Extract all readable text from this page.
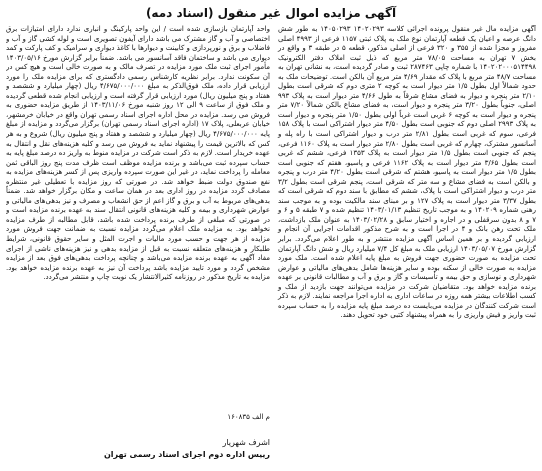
آگهی مزایده اموال غیر منقول (اسناد دمه)
آگهی مزایده مال غیر منقول پرونده اجرائی کلاسه ۱۴۰۲۰۲۹۳ ۱۴۰۵۰۲۹۳ به طور شش دانگ عرصه و اعیان یک قطعه آپارتمان نوع ملک به پلاک ثبتی ۱۱۵۷ فرعی از ۴۹۹۳ اصلی مفروز و مجزا شده از ۳۵۵ و ۳۲۰ فرعی از اصلی مذکور، قطعه ۵ در طبقه ۳ و واقع در بخش ۷ تهران به مساحت ۷۸/۰۵ متر مربع که ذیل ثبت املاک دفتر الکترونیک ۱۴۰۲۰۲۰۰۰۵۱۴۴۹۸ با شماره چاپی ۲۸۷۴۶۳ ثبت و صادر گردیده است، به نشانی تهران به مساحت ۴۸/۷ متر مربع با پلاک که مقدار ۴/۶۹ متر مربع آن بالکن است. توضیحات ملک به حدود شمالاً اول بطول ۱/۵ متر دیوار است به کوچه ۲ متری دوم که شرقی است بطول ۲/۱۰ متر پنجره و دیوار به فضای مشاع شرقاً به طول ۴/۶۶ متر دیوار است به پلاک ۹۹۳ اصلی، جنوباً بطول ۳/۲۰ متر پنجره و دیوار است، به فضای مشاع بالکن شمالاً ۷/۲۰ متر پنجره و دیوار است به کوچه ۶ غربی است غرباً اولی بطول ۱/۵۰ متر پنجره و دیوار است به پلاک ۲۹۹۳ اصلی دوم که جنوبی است بطول ۴/۵۰ متر دیوار اشتراکی است با پلاک ۱۵۸ فرعی، سوم که غربی است بطول ۲/۸۱ متر درب و دیوار اشتراکی است با راه پله و آسانسور مشترک، چهارم که غربی است بطول ۲/۸۰ متر دیوار است به پلاک ۱۱۶۰ فرعی، پنجم که جنوبی است بطول ۱/۵ متر دیوار است به پلاک ۱۳۵۳ فرعی، ششم که غربی است بطول ۳/۶۵ متر دیوار است به پلاک ۱۱۶۲ فرعی و پاسیو، هفتم که جنوبی است بطول ۱/۵ متر دیوار است به پاسیو، هشتم که شرقی است بطول ۴/۲۰ متر درب و پنجره و بالکن است به فضای مشاع و سه متر که شرقی است، پنجم شرقی است بطول ۳/۲ متر درب و دیوار اشتراکی است با پلاک، ششم که مطابق با سند دوم که شرقی است که بطول ۳/۳۷ متر دیوار است به پلاک ۱۲۷ و بر مبنای سند مالکیت بوده و به موجب سند رهنی شماره ۱۴۰۲۰۹ و به موجب تاریخ تنظیم ۱۴۰۳/۰۱/۱۳ تنظیم شده و ۷ طبقه ۵ و ۶ و ۷ و ۸ بدون سرقفلی و در اجاره و اختیار سابق و ۱۴۰۳/۰۲/۲۸ به عنوان ملک بازداشت، ملک تحت رهن بانک و ۴ در اجرا است و به شرح مذکور اقدامات اجرایی آن انجام و ارزیابی گردیده و بر همین اساس آگهی مزایده منتشر و به طور اعلام می‌گردد. برابر گزارش مورخ ۱۴۰۳/۰۵/۰۷ ارزیابی ملک به مبلغ کل ۷/۴ میلیارد ریال و شش دانگ آپارتمان تحت مزایده به صورت حضوری جهت فروش به مبلغ پایه اعلام شده است. ملک مورد مزایده به صورت خالی از سکنه بوده و سایر هزینه‌ها شامل بدهی‌های مالیاتی و عوارض شهرداری و نوسازی و حق بیمه و تأسیسات و گاز و برق و آب و مطالبات قانونی بر عهده برنده مزایده خواهد بود. متقاضیان شرکت در مزایده می‌توانند جهت بازدید از ملک و کسب اطلاعات بیشتر همه روزه در ساعات اداری به اداره اجرا مراجعه نمایند. لازم به ذکر است شرکت کنندگان در مزایده می‌بایست ده درصد مبلغ پایه مزایده را به حساب سپرده ثبت واریز و فیش واریزی را به همراه پیشنهاد کتبی خود تحویل دهند.
واحد آپارتمان بازسازی شده است / این واحد پارکینگ و انباری ندارد دارای امتیازات برق اختصاصی و آب و گاز مشترک می باشد دارای آیفون تصویری است و لوله کشی گاز و آب و فاضلاب و برق و نورپردازی و کابینت و دیوارها با کاغذ دیواری و سرامیک و کف پارکت و کمد دیواری می باشد و ساختمان فاقد آسانسور می باشد. ضمناً برابر گزارش مورخ ۱۴۰۳/۰۵/۱۶ مأمور اجرای ثبت ملک مورد مزایده در تصرف مالک و به صورت خالی است و هیچ کس در آن سکونت ندارد. برابر نظریه کارشناس رسمی دادگستری که برای مزایده ملک را مورد ارزیابی قرار داده، ملک فوق‌الذکر به مبلغ ۴/۶۷۵/۰۰۰/۰۰۰ ریال (چهار میلیارد و ششصد و هفتاد و پنج میلیون ریال) مورد ارزیابی قرار گرفته است و ارزیابی انجام شده قطعی گردیده و ملک فوق از ساعت ۹ الی ۱۲ روز شنبه مورخ ۱۴۰۳/۱۱/۰۶ از طریق مزایده حضوری به فروش می رسد. مزایده در محل اداره اجرای اسناد رسمی تهران واقع در خیابان خرمشهر، خیابان عربعلی، پلاک ۱۷ (اداره اجرای اسناد رسمی تهران) برگزار می‌گردد و مزایده از مبلغ پایه ۴/۶۷۵/۰۰۰/۰۰۰ ریال (چهار میلیارد و ششصد و هفتاد و پنج میلیون ریال) شروع و به هر کس که بالاترین قیمت را پیشنهاد نماید به فروش می رسد و کلیه هزینه‌های نقل و انتقال به عهده خریدار است. لازم به ذکر است شرکت در مزایده منوط به واریز ده درصد مبلغ پایه به حساب سپرده ثبت می‌باشد و برنده مزایده موظف است ظرف مدت پنج روز الباقی ثمن معامله را پرداخت نماید، در غیر این صورت سپرده واریزی پس از کسر هزینه‌های مزایده به نفع صندوق دولت ضبط خواهد شد. در صورتی که روز مزایده با تعطیلی غیر منتظره مصادف گردد مزایده در روز اداری بعد در همان ساعت و مکان برگزار خواهد شد. ضمناً بدهی‌های مربوط به آب و برق و گاز اعم از حق انشعاب و مصرف و نیز بدهی‌های مالیاتی و عوارض شهرداری و بیمه و کلیه هزینه‌های قانونی انتقال سند به عهده برنده مزایده است و در صورتی که مبلغی از طرف برنده پرداخت شده باشد، قابل مطالبه از طرف مزایده نخواهد بود. به مزایده ملک اعلام می‌گردد مزایده نسبت به ضمانت جهت فروش مورد مزایده از هر جهت و حسب مورد مالیات و اجرت المثل و سایر حقوق قانونی، شرایط طلبکار و هزینه‌های متعلقه نسبت به قبل از مزایده بدهی و نیز هزینه‌های ناشی از اجرای مفاد آگهی به عهده برنده مزایده می‌باشد و چنانچه پرداخت بدهی‌های فوق بعد از مزایده مشخص گردد و مورد تایید مزایده باشد پرداخت آن نیز به عهده برنده مزایده خواهد بود. مزایده به تاریخ مذکور در روزنامه کثیرالانتشار یک نوبت چاپ و منتشر می‌گردد.
م الف ۱۶۰۸۳۵
اشرف شهریار
رییس اداره دوم اجرای اسناد رسمی تهران
